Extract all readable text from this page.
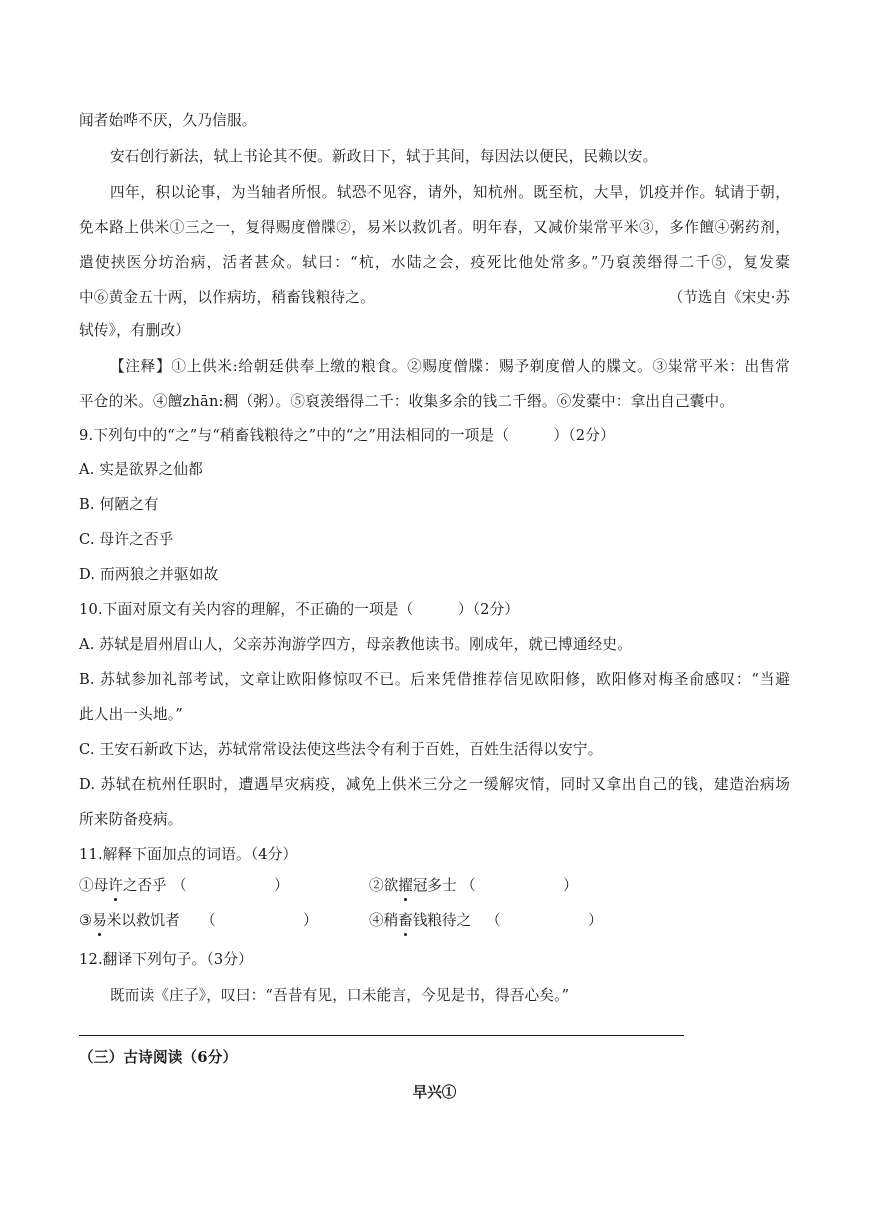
闻者始哗不厌，久乃信服。
安石创行新法，轼上书论其不便。新政日下，轼于其间，每因法以便民，民赖以安。
四年，积以论事，为当轴者所恨。轼恐不见容，请外，知杭州。既至杭，大旱，饥疫并作。轼请于朝，
免本路上供米①三之一，复得赐度僧牒②，易米以救饥者。明年春，又减价粜常平米③，多作饘④粥药剂，
遣使挟医分坊治病，活者甚众。轼曰：“杭，水陆之会，疫死比他处常多。”乃裒羡缗得二千⑤，复发橐
中⑥黄金五十两，以作病坊，稍畜钱粮待之。	（节选自《宋史·苏
轼传》，有删改）
【注释】①上供米:给朝廷供奉上缴的粮食。②赐度僧牒：赐予剃度僧人的牒文。③粜常平米：出售常
平仓的米。④饘zhān:稠（粥）。⑤裒羡缗得二千：收集多余的钱二千缗。⑥发橐中：拿出自己囊中。
9.下列句中的“之”与“稍畜钱粮待之”中的“之”用法相同的一项是（　　　）（2分）
A. 实是欲界之仙都
B. 何陋之有
C. 母许之否乎
D. 而两狼之并驱如故
10.下面对原文有关内容的理解，不正确的一项是（　　　）（2分）
A. 苏轼是眉州眉山人，父亲苏洵游学四方，母亲教他读书。刚成年，就已博通经史。
B. 苏轼参加礼部考试，文章让欧阳修惊叹不已。后来凭借推荐信见欧阳修，欧阳修对梅圣俞感叹：“当避
此人出一头地。”
C. 王安石新政下达，苏轼常常设法使这些法令有利于百姓，百姓生活得以安宁。
D. 苏轼在杭州任职时，遭遇旱灾病疫，减免上供米三分之一缓解灾情，同时又拿出自己的钱，建造治病场
所来防备疫病。
11.解释下面加点的词语。（4分）
①母许之否乎 （　　　　　　）	②欲擢冠多士 （　　　　　　）
③易米以救饥者 （　　　　　　）	④稍畜钱粮待之 （　　　　　　）
12.翻译下列句子。（3分）
既而读《庄子》，叹曰：“吾昔有见，口未能言，今见是书，得吾心矣。”
（三）古诗阅读（6分）
早兴①
